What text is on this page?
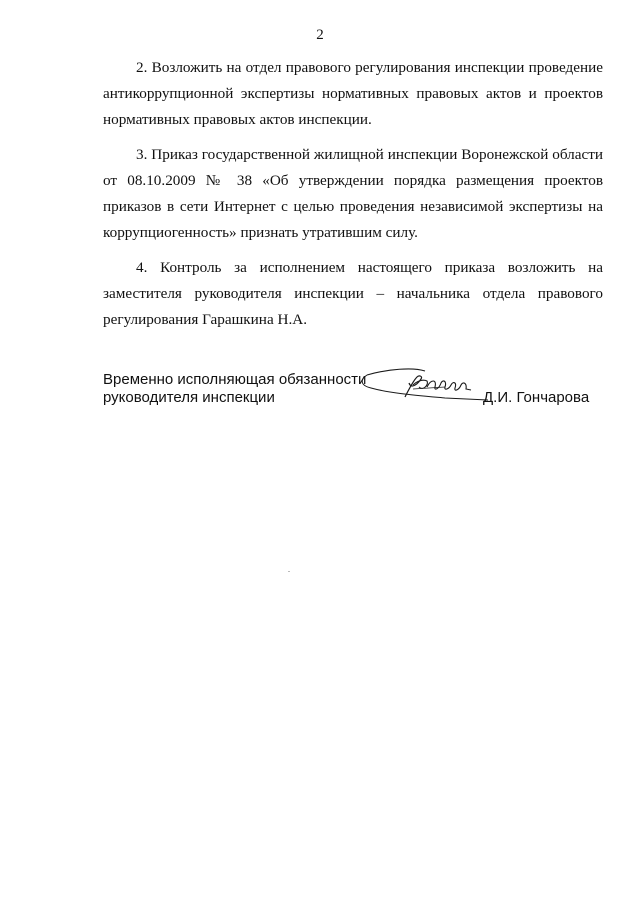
2

2. Возложить на отдел правового регулирования инспекции проведение антикоррупционной экспертизы нормативных правовых актов и проектов нормативных правовых актов инспекции.

3. Приказ государственной жилищной инспекции Воронежской области от 08.10.2009 № 38 «Об утверждении порядка размещения проектов приказов в сети Интернет с целью проведения независимой экспертизы на коррупциогенность» признать утратившим силу.

4. Контроль за исполнением настоящего приказа возложить на заместителя руководителя инспекции – начальника отдела правового регулирования Гарашкина Н.А.

Временно исполняющая обязанности
руководителя инспекции	Д.И. Гончарова
